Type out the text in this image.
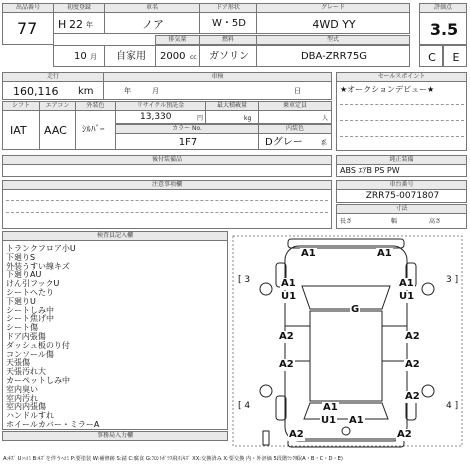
出品番号
77
初度登録
H 22 年
10 月
車名
ノア
ドア形状
W・5D
グレード
4WD YY
評価点
3.5
C	E
自家用
排気量
2000 cc
燃料
ガソリン
型式
DBA-ZRR75G
走行
160,116 km
車検
年	月	日
セールスポイント
★オークションデビュー★
シフト
IAT
エアコン
AAC
外装色
ｼﾙﾊﾞｰ
リサイクル預託金
13,330	円
最大積載量
kg
乗車定員
人
カラー No.
1F7
内装色
Dグレー	系
後付装備品	純正装備
ABS ｴｱB PS PW
注意事項欄	車台番号
ZRR75-0071807
寸法
長さ	幅	高さ
検査員記入欄
トランクフロア小U
下廻りS
外装うすい線キズ
下廻りAU
けん引フックU
シートへたり
下廻りU
シートしみ中
シート焦げ中
シート傷
ドア内張傷
ダッシュ板のり付
コンソール傷
天張傷
天張汚れ大
カーペットしみ中
室内臭い
室内汚れ
室内内張傷
ハンドルすれ
ホイールカバー・ミラーA
事務局入力欄
A1	A1
U1
A1	A1
U1
G
A2	A2
A2	A2
A1
U1 A1
A2	A2
A2
[ 3	3 ]
[ 4	4 ]
A:ｷｽﾞ U:ﾍｺﾐ B:ｷｽﾞを伴うﾍｺﾐ P:要塗装 W:補修跡 S:錆 C:腐食 G:ﾌﾛﾝﾄｶﾞﾗｽ飛石ｷｽﾞ XX:交換済み X:要交換 内・外評価 5段階ﾗﾝｸ順(A・B・C・D・E)
